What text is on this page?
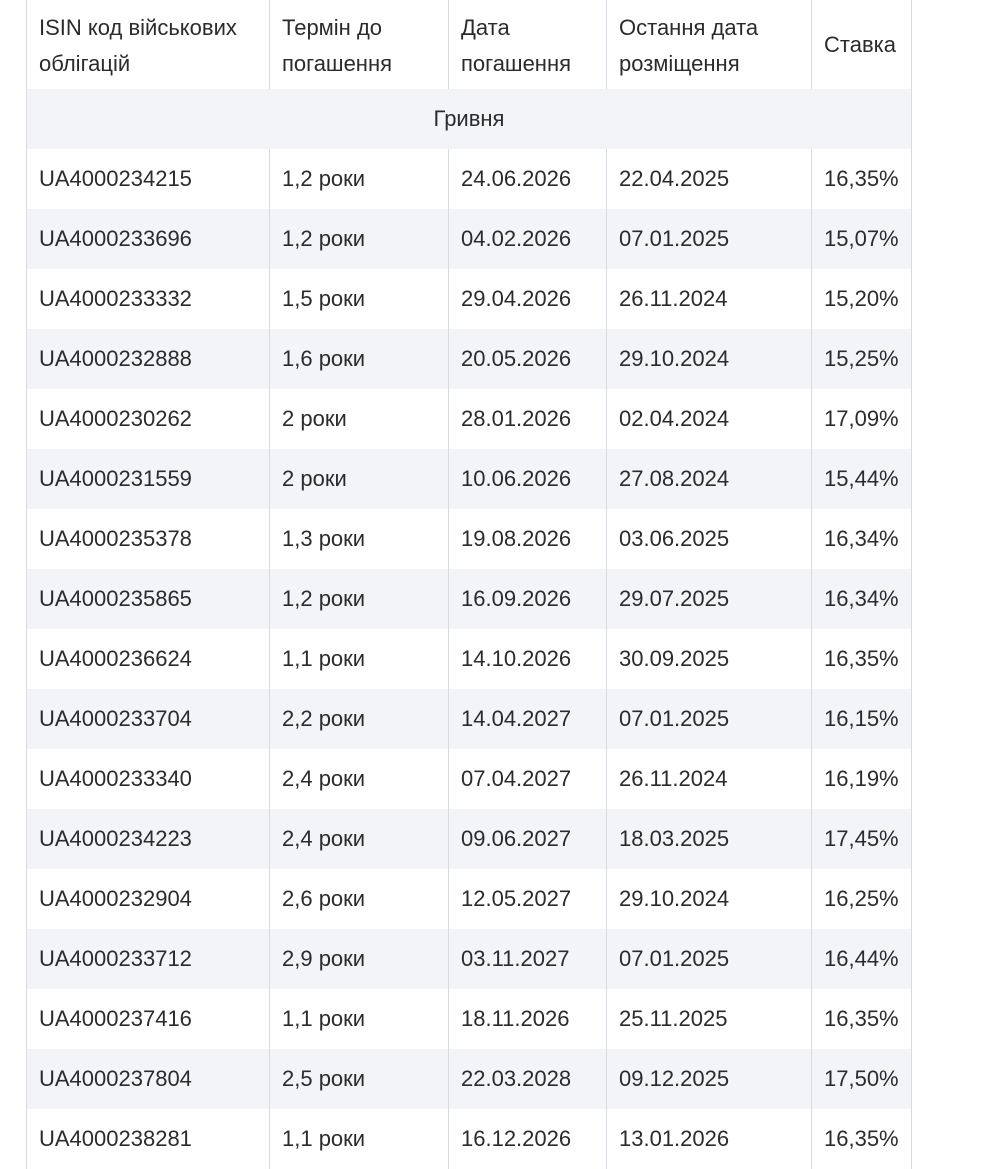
ISIN код військових облігацій	Термін до погашення	Дата погашення	Остання дата розміщення	Ставка
Гривня				
UA4000234215	1,2 роки	24.06.2026	22.04.2025	16,35%
UA4000233696	1,2 роки	04.02.2026	07.01.2025	15,07%
UA4000233332	1,5 роки	29.04.2026	26.11.2024	15,20%
UA4000232888	1,6 роки	20.05.2026	29.10.2024	15,25%
UA4000230262	2 роки	28.01.2026	02.04.2024	17,09%
UA4000231559	2 роки	10.06.2026	27.08.2024	15,44%
UA4000235378	1,3 роки	19.08.2026	03.06.2025	16,34%
UA4000235865	1,2 роки	16.09.2026	29.07.2025	16,34%
UA4000236624	1,1 роки	14.10.2026	30.09.2025	16,35%
UA4000233704	2,2 роки	14.04.2027	07.01.2025	16,15%
UA4000233340	2,4 роки	07.04.2027	26.11.2024	16,19%
UA4000234223	2,4 роки	09.06.2027	18.03.2025	17,45%
UA4000232904	2,6 роки	12.05.2027	29.10.2024	16,25%
UA4000233712	2,9 роки	03.11.2027	07.01.2025	16,44%
UA4000237416	1,1 роки	18.11.2026	25.11.2025	16,35%
UA4000237804	2,5 роки	22.03.2028	09.12.2025	17,50%
UA4000238281	1,1 роки	16.12.2026	13.01.2026	16,35%
